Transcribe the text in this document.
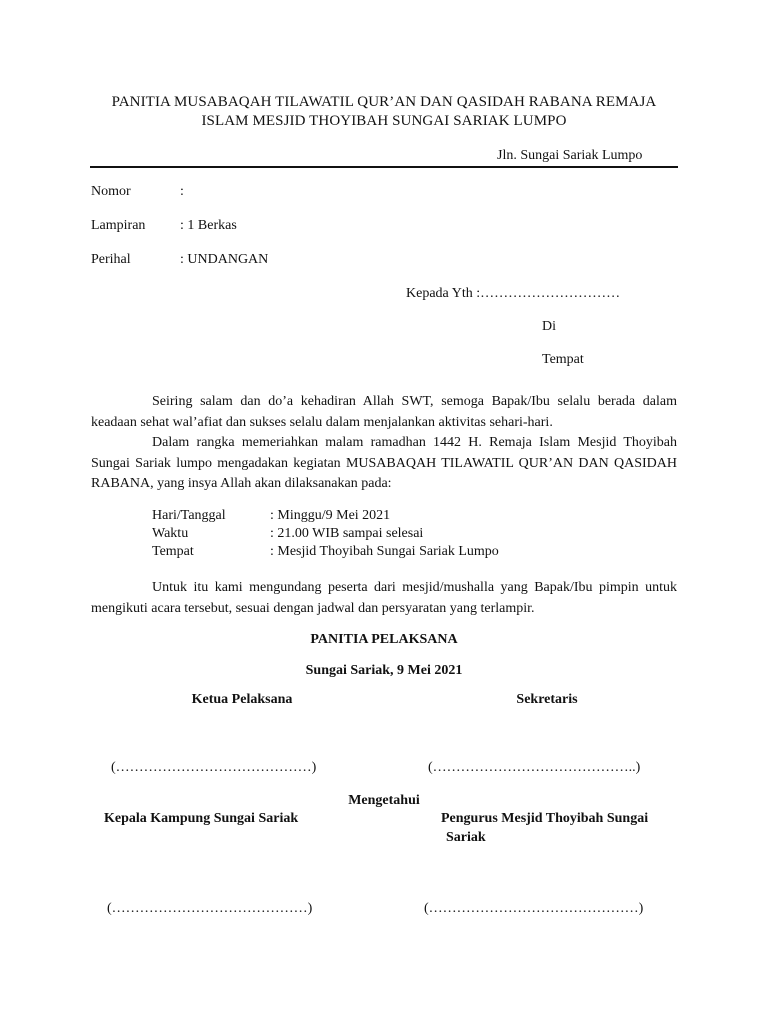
PANITIA MUSABAQAH TILAWATIL QUR’AN DAN QASIDAH RABANA REMAJA
ISLAM MESJID THOYIBAH SUNGAI SARIAK LUMPO
Jln. Sungai Sariak Lumpo
Nomor	:
Lampiran : 1 Berkas
Perihal	: UNDANGAN
Kepada Yth :…………………………
Di
Tempat
Seiring salam dan do’a kehadiran Allah SWT, semoga Bapak/Ibu selalu berada dalam keadaan sehat wal’afiat dan sukses selalu dalam menjalankan aktivitas sehari-hari.
Dalam rangka memeriahkan malam ramadhan 1442 H. Remaja Islam Mesjid Thoyibah Sungai Sariak lumpo mengadakan kegiatan MUSABAQAH TILAWATIL QUR’AN DAN QASIDAH RABANA, yang insya Allah akan dilaksanakan pada:
Hari/Tanggal	: Minggu/9 Mei 2021
Waktu	: 21.00 WIB sampai selesai
Tempat	: Mesjid Thoyibah Sungai Sariak Lumpo
Untuk itu kami mengundang peserta dari mesjid/mushalla yang Bapak/Ibu pimpin untuk mengikuti acara tersebut, sesuai dengan jadwal dan persyaratan yang terlampir.
PANITIA PELAKSANA
Sungai Sariak, 9 Mei 2021
Ketua Pelaksana	Sekretaris
(……………………………………)	(……………………………………..)
Mengetahui
Kepala Kampung Sungai Sariak	Pengurus Mesjid Thoyibah Sungai
Sariak
(……………………………………)	(………………………………………)
